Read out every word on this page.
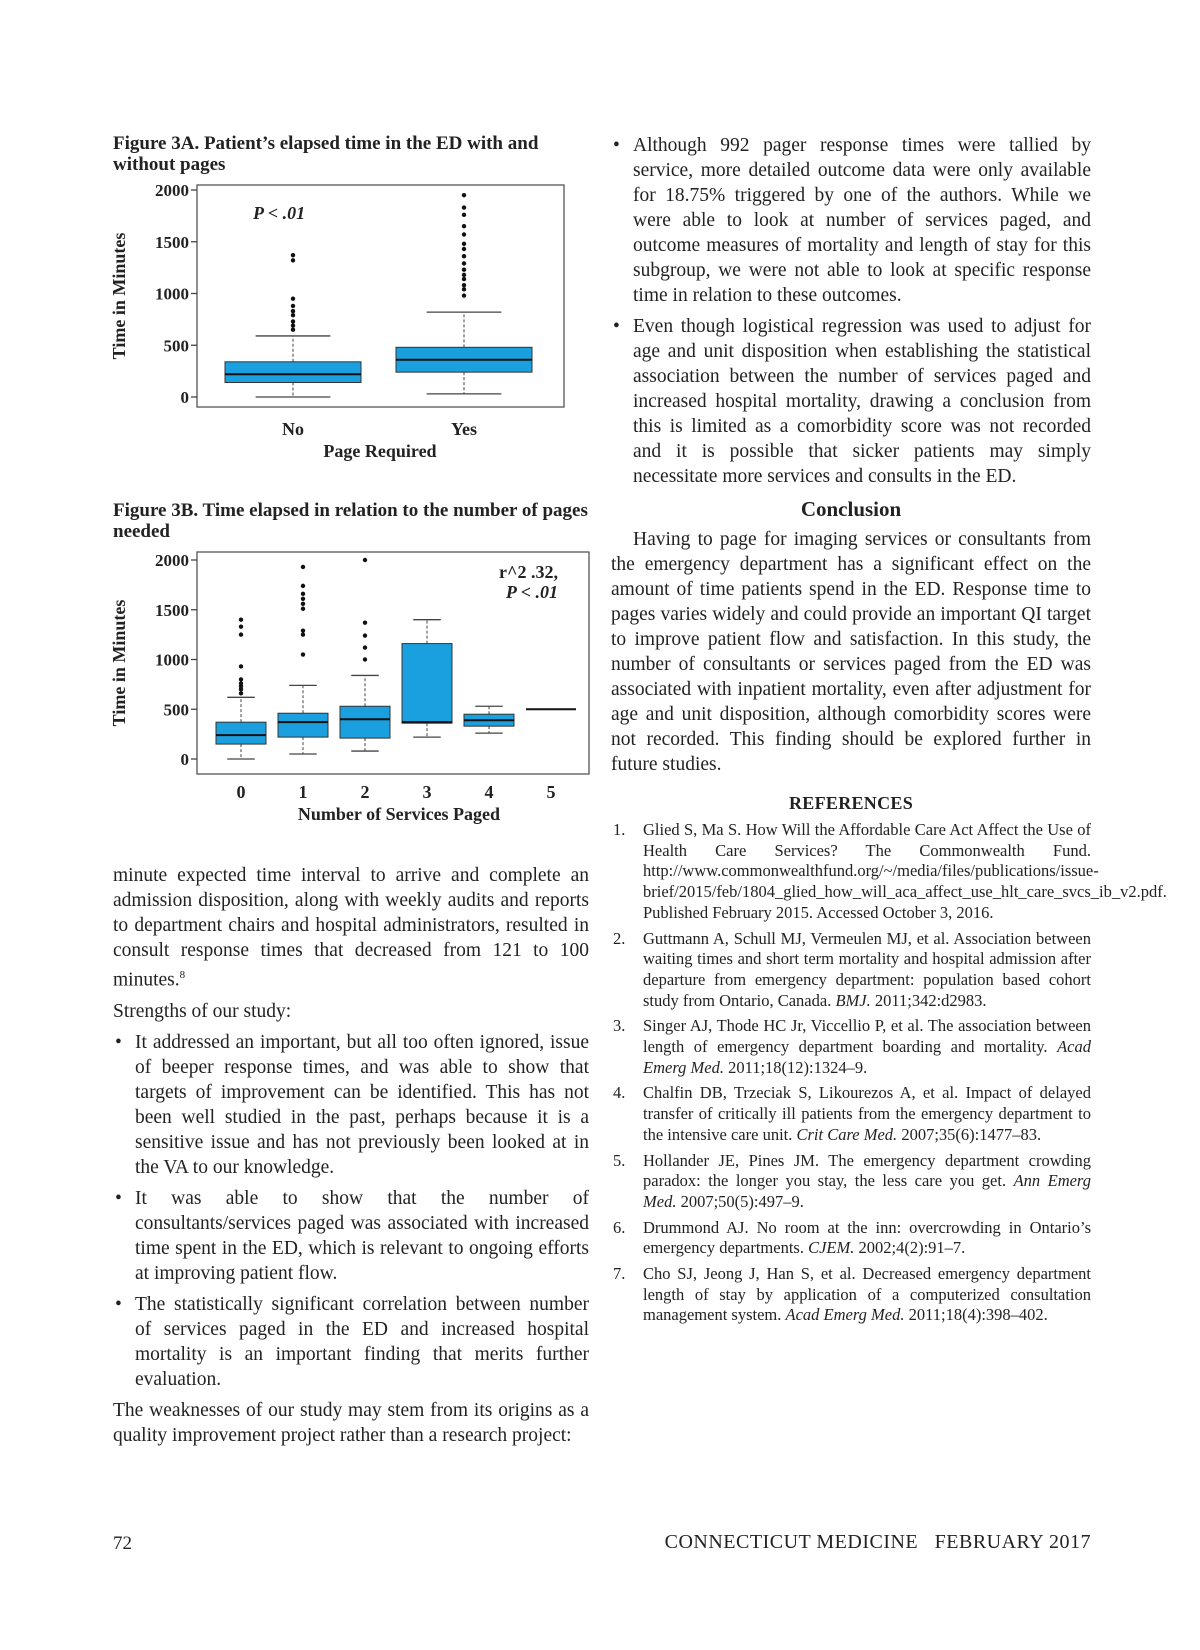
Figure 3A. Patient’s elapsed time in the ED with and without pages
0
500
1000
1500
2000
Time in Minutes
Page Required
No	Yes
P < .01
Figure 3B. Time elapsed in relation to the number of pages needed
0
500
1000
1500
2000
Time in Minutes
Number of Services Paged
0	1	2	3	4	5
r^2 .32,
P < .01

minute expected time interval to arrive and complete an admission disposition, along with weekly audits and reports to department chairs and hospital administrators, resulted in consult response times that decreased from 121 to 100 minutes.$^8$

Strengths of our study:

• It addressed an important, but all too often ignored, issue of beeper response times, and was able to show that targets of improvement can be identified. This has not been well studied in the past, perhaps because it is a sensitive issue and has not previously been looked at in the VA to our knowledge.
• It was able to show that the number of consultants/services paged was associated with increased time spent in the ED, which is relevant to ongoing efforts at improving patient flow.
• The statistically significant correlation between number of services paged in the ED and increased hospital mortality is an important finding that merits further evaluation.

The weaknesses of our study may stem from its origins as a quality improvement project rather than a research project:

• Although 992 pager response times were tallied by service, more detailed outcome data were only available for 18.75% triggered by one of the authors. While we were able to look at number of services paged, and outcome measures of mortality and length of stay for this subgroup, we were not able to look at specific response time in relation to these outcomes.
• Even though logistical regression was used to adjust for age and unit disposition when establishing the statistical association between the number of services paged and increased hospital mortality, drawing a conclusion from this is limited as a comorbidity score was not recorded and it is possible that sicker patients may simply necessitate more services and consults in the ED.
Conclusion

Having to page for imaging services or consultants from the emergency department has a significant effect on the amount of time patients spend in the ED. Response time to pages varies widely and could provide an important QI target to improve patient flow and satisfaction. In this study, the number of consultants or services paged from the ED was associated with inpatient mortality, even after adjustment for age and unit disposition, although comorbidity scores were not recorded. This finding should be explored further in future studies.

REFERENCES
1. Glied S, Ma S. How Will the Affordable Care Act Affect the Use of Health Care Services? The Commonwealth Fund. http://www.commonwealthfund.org/~/media/files/publications/issue-brief/2015/feb/1804_glied_how_will_aca_affect_use_hlt_care_svcs_ib_v2.pdf. Published February 2015. Accessed October 3, 2016.
2. Guttmann A, Schull MJ, Vermeulen MJ, et al. Association between waiting times and short term mortality and hospital admission after departure from emergency department: population based cohort study from Ontario, Canada. BMJ. 2011;342:d2983.
3. Singer AJ, Thode HC Jr, Viccellio P, et al. The association between length of emergency department boarding and mortality. Acad Emerg Med. 2011;18(12):1324–9.
4. Chalfin DB, Trzeciak S, Likourezos A, et al. Impact of delayed transfer of critically ill patients from the emergency department to the intensive care unit. Crit Care Med. 2007;35(6):1477–83.
5. Hollander JE, Pines JM. The emergency department crowding paradox: the longer you stay, the less care you get. Ann Emerg Med. 2007;50(5):497–9.
6. Drummond AJ. No room at the inn: overcrowding in Ontario’s emergency departments. CJEM. 2002;4(2):91–7.
7. Cho SJ, Jeong J, Han S, et al. Decreased emergency department length of stay by application of a computerized consultation management system. Acad Emerg Med. 2011;18(4):398–402.
72	CONNECTICUT MEDICINE   FEBRUARY 2017
